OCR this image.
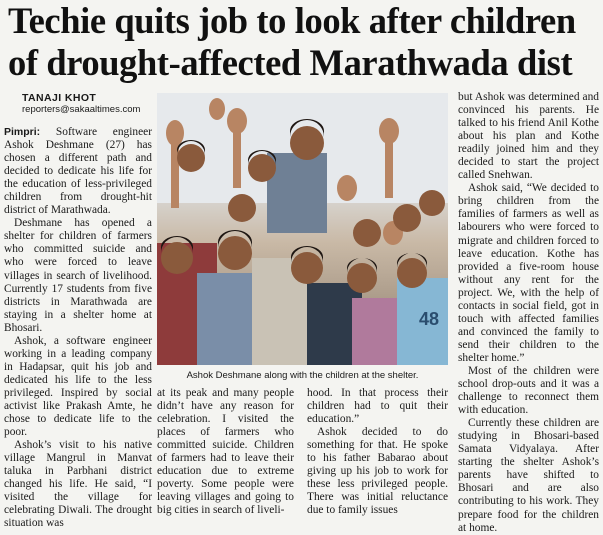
Techie quits job to look after children
of drought-affected Marathwada dist
TANAJI KHOT
reporters@sakaaltimes.com

Pimpri: Software engineer Ashok Deshmane (27) has chosen a different path and decided to dedicate his life for the education of less-privileged children from drought-hit district of Marathwada.

Deshmane has opened a shelter for children of farmers who committed suicide and who were forced to leave villages in search of livelihood. Currently 17 students from five districts in Marathwada are staying in a shelter home at Bhosari.

Ashok, a software engineer working in a leading company in Hadapsar, quit his job and dedicated his life to the less privileged. Inspired by social activist like Prakash Amte, he chose to dedicate life to the poor.

Ashok’s visit to his native village Mangrul in Manvat taluka in Parbhani district changed his life. He said, “I visited the village for celebrating Diwali. The drought situation was

48
Ashok Deshmane along with the children at the shelter.

at its peak and many people didn’t have any reason for celebration. I visited the places of farmers who committed suicide. Children of farmers had to leave their education due to extreme poverty. Some people were leaving villages and going to big cities in search of liveli-

hood. In that process their children had to quit their education.”

Ashok decided to do something for that. He spoke to his father Babarao about giving up his job to work for these less privileged people. There was initial reluctance due to family issues

but Ashok was determined and convinced his parents. He talked to his friend Anil Kothe about his plan and Kothe readily joined him and they decided to start the project called Snehwan.

Ashok said, “We decided to bring children from the families of farmers as well as labourers who were forced to migrate and children forced to leave education. Kothe has provided a five-room house without any rent for the project. We, with the help of contacts in social field, got in touch with affected families and convinced the family to send their children to the shelter home.”

Most of the children were school drop-outs and it was a challenge to reconnect them with education.

Currently these children are studying in Bhosari-based Samata Vidyalaya. After starting the shelter Ashok’s parents have shifted to Bhosari and are also contributing to his work. They prepare food for the children at home.
